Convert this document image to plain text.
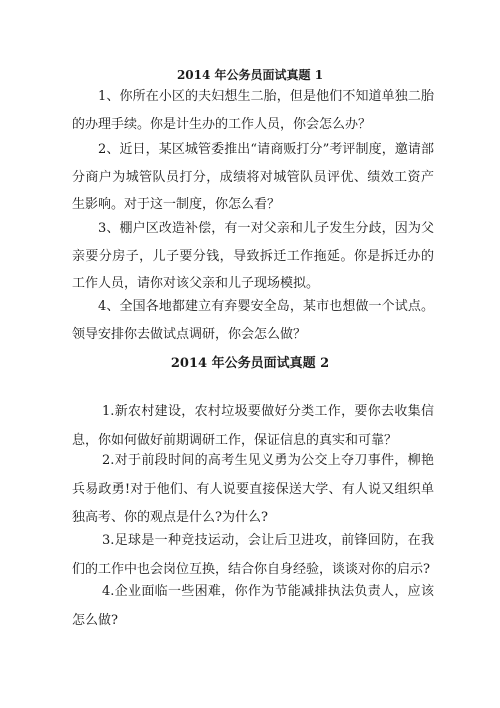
2014 年公务员面试真题 1
1、你所在小区的夫妇想生二胎，但是他们不知道单独二胎的办理手续。你是计生办的工作人员，你会怎么办？
2、近日，某区城管委推出“请商贩打分”考评制度，邀请部分商户为城管队员打分，成绩将对城管队员评优、绩效工资产生影响。对于这一制度，你怎么看？
3、棚户区改造补偿，有一对父亲和儿子发生分歧，因为父亲要分房子，儿子要分钱，导致拆迁工作拖延。你是拆迁办的工作人员，请你对该父亲和儿子现场模拟。
4、全国各地都建立有弃婴安全岛，某市也想做一个试点。领导安排你去做试点调研，你会怎么做？
2014 年公务员面试真题 2
1.新农村建设，农村垃圾要做好分类工作，要你去收集信息，你如何做好前期调研工作，保证信息的真实和可靠？
2.对于前段时间的高考生见义勇为公交上夺刀事件，柳艳兵易政勇!对于他们、有人说要直接保送大学、有人说又组织单独高考、你的观点是什么?为什么?
3.足球是一种竞技运动，会让后卫进攻，前锋回防，在我们的工作中也会岗位互换，结合你自身经验，谈谈对你的启示?
4.企业面临一些困难，你作为节能减排执法负责人，应该怎么做?
